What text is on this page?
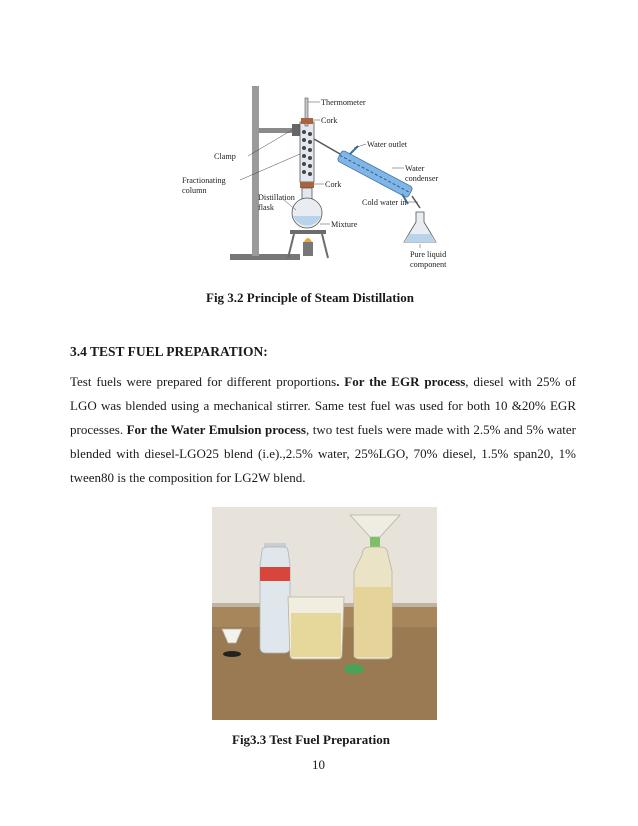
Thermometer
Cork
Water outlet
Clamp
Water
condenser
Fractionating
column
Cork
Distillation
flask
Cold water in
Mixture
Pure liquid
component
Fig 3.2 Principle of Steam Distillation
3.4 TEST FUEL PREPARATION:
Test fuels were prepared for different proportions. For the EGR process, diesel with 25% of LGO was blended using a mechanical stirrer. Same test fuel was used for both 10 &20% EGR processes. For the Water Emulsion process, two test fuels were made with 2.5% and 5% water blended with diesel-LGO25 blend (i.e).,2.5% water, 25%LGO, 70% diesel, 1.5% span20, 1% tween80 is the composition for LG2W blend.
Fig3.3 Test Fuel Preparation
10
